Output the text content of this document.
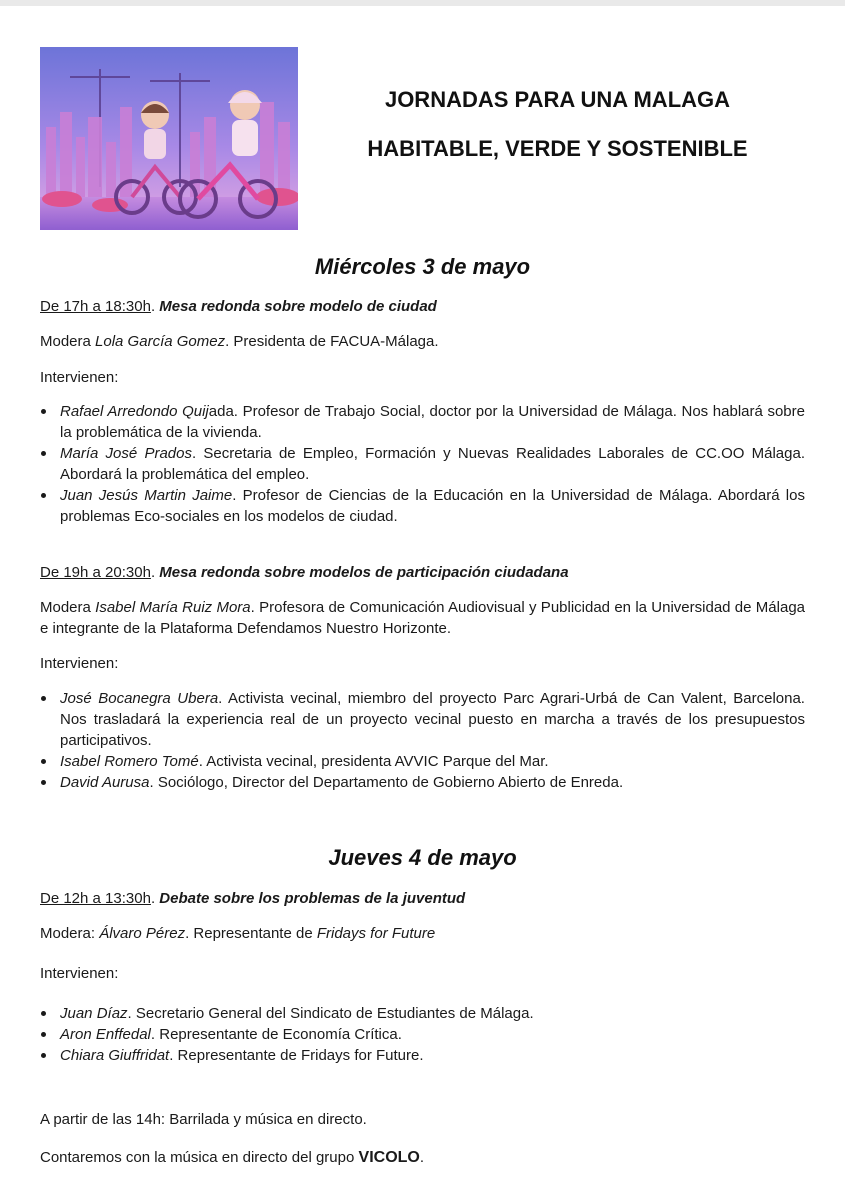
JORNADAS PARA UNA MALAGA
HABITABLE, VERDE Y SOSTENIBLE
Miércoles 3 de mayo
De 17h a 18:30h. Mesa redonda sobre modelo de ciudad
Modera Lola García Gomez. Presidenta de FACUA-Málaga.
Intervienen:
Rafael Arredondo Quijada. Profesor de Trabajo Social, doctor por la Universidad de Málaga. Nos hablará sobre la problemática de la vivienda.
María José Prados. Secretaria de Empleo, Formación y Nuevas Realidades Laborales de CC.OO Málaga. Abordará la problemática del empleo.
Juan Jesús Martin Jaime. Profesor de Ciencias de la Educación en la Universidad de Málaga. Abordará los problemas Eco-sociales en los modelos de ciudad.
De 19h a 20:30h. Mesa redonda sobre modelos de participación ciudadana
Modera Isabel María Ruiz Mora. Profesora de Comunicación Audiovisual y Publicidad en la Universidad de Málaga e integrante de la Plataforma Defendamos Nuestro Horizonte.
Intervienen:
José Bocanegra Ubera. Activista vecinal, miembro del proyecto Parc Agrari-Urbá de Can Valent, Barcelona. Nos trasladará la experiencia real de un proyecto vecinal puesto en marcha a través de los presupuestos participativos.
Isabel Romero Tomé. Activista vecinal, presidenta AVVIC Parque del Mar.
David Aurusa. Sociólogo, Director del Departamento de Gobierno Abierto de Enreda.
Jueves 4 de mayo
De 12h a 13:30h. Debate sobre los problemas de la juventud
Modera: Álvaro Pérez. Representante de Fridays for Future
Intervienen:
Juan Díaz. Secretario General del Sindicato de Estudiantes de Málaga.
Aron Enffedal. Representante de Economía Crítica.
Chiara Giuffridat. Representante de Fridays for Future.
A partir de las 14h: Barrilada y música en directo.
Contaremos con la música en directo del grupo VICOLO.
